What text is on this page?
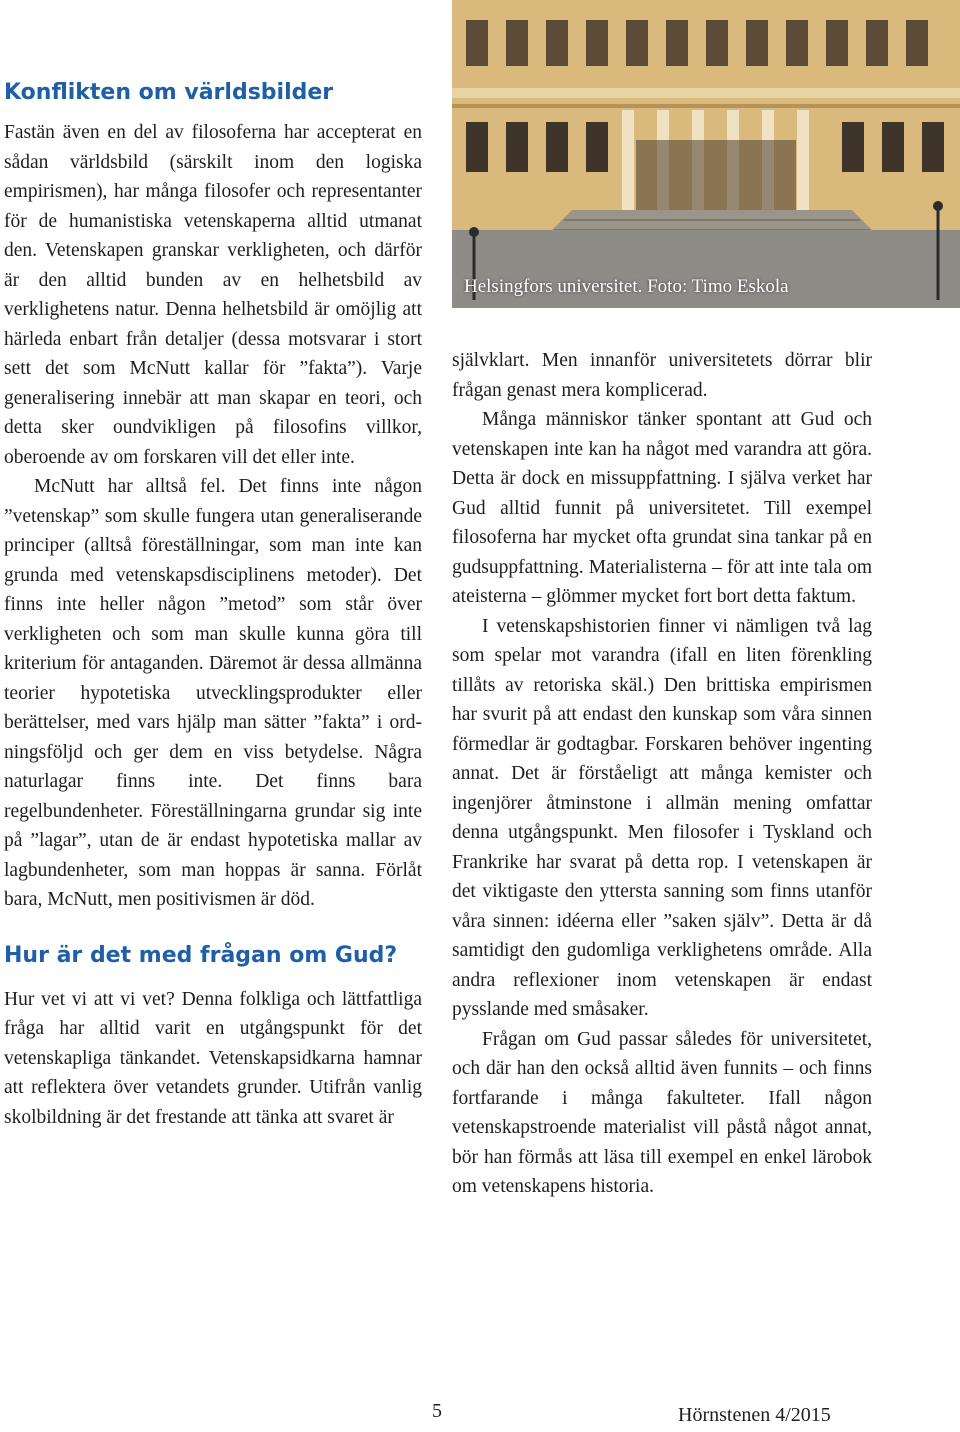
Konflikten om världsbilder

Fastän även en del av filosoferna har accepterat en sådan världsbild (särskilt inom den logiska empirismen), har många filosofer och representanter för de humanistiska vetenskaperna alltid utmanat den. Vetenskapen granskar verkligheten, och därför är den alltid bunden av en helhetsbild av verklighetens natur. Denna helhetsbild är omöjlig att härleda enbart från detaljer (dessa motsvarar i stort sett det som McNutt kallar för ”fakta”). Varje generalisering innebär att man skapar en teori, och detta sker oundvikligen på filosofins villkor, oberoende av om forskaren vill det eller inte.

McNutt har alltså fel. Det finns inte någon ”vetenskap” som skulle fungera utan generaliserande principer (alltså föreställningar, som man inte kan grunda med vetenskapsdisciplinens metoder). Det finns inte heller någon ”metod” som står över verkligheten och som man skulle kunna göra till kriterium för antaganden. Däremot är dessa allmänna teorier hypotetiska utvecklingsprodukter eller berättelser, med vars hjälp man sätter ”fakta” i ordningsföljd och ger dem en viss betydelse. Några naturlagar finns inte. Det finns bara regelbundenheter. Föreställningarna grundar sig inte på ”lagar”, utan de är endast hypotetiska mallar av lagbundenheter, som man hoppas är sanna. Förlåt bara, McNutt, men positivismen är död.

Hur är det med frågan om Gud?

Hur vet vi att vi vet? Denna folkliga och lättfattliga fråga har alltid varit en utgångspunkt för det vetenskapliga tänkandet. Vetenskapsidkarna hamnar att reflektera över vetandets grunder. Utifrån vanlig skolbildning är det frestande att tänka att svaret är

Helsingfors universitet. Foto: Timo Eskola

självklart. Men innanför universitetets dörrar blir frågan genast mera komplicerad.

Många människor tänker spontant att Gud och vetenskapen inte kan ha något med varandra att göra. Detta är dock en missuppfattning. I själva verket har Gud alltid funnit på universitetet. Till exempel filosoferna har mycket ofta grundat sina tankar på en gudsuppfattning. Materialisterna – för att inte tala om ateisterna – glömmer mycket fort bort detta faktum.

I vetenskapshistorien finner vi nämligen två lag som spelar mot varandra (ifall en liten förenkling tillåts av retoriska skäl.) Den brittiska empirismen har svurit på att endast den kunskap som våra sinnen förmedlar är godtagbar. Forskaren behöver ingenting annat. Det är förståeligt att många kemister och ingenjörer åtminstone i allmän mening omfattar denna utgångspunkt. Men filosofer i Tyskland och Frankrike har svarat på detta rop. I vetenskapen är det viktigaste den yttersta sanning som finns utanför våra sinnen: idéerna eller ”saken själv”. Detta är då samtidigt den gudomliga verklighetens område. Alla andra reflexioner inom vetenskapen är endast pysslande med småsaker.

Frågan om Gud passar således för universitetet, och där han den också alltid även funnits – och finns fortfarande i många fakulteter. Ifall någon vetenskapstroende materialist vill påstå något annat, bör han förmås att läsa till exempel en enkel lärobok om vetenskapens historia.

5	Hörnstenen 4/2015
